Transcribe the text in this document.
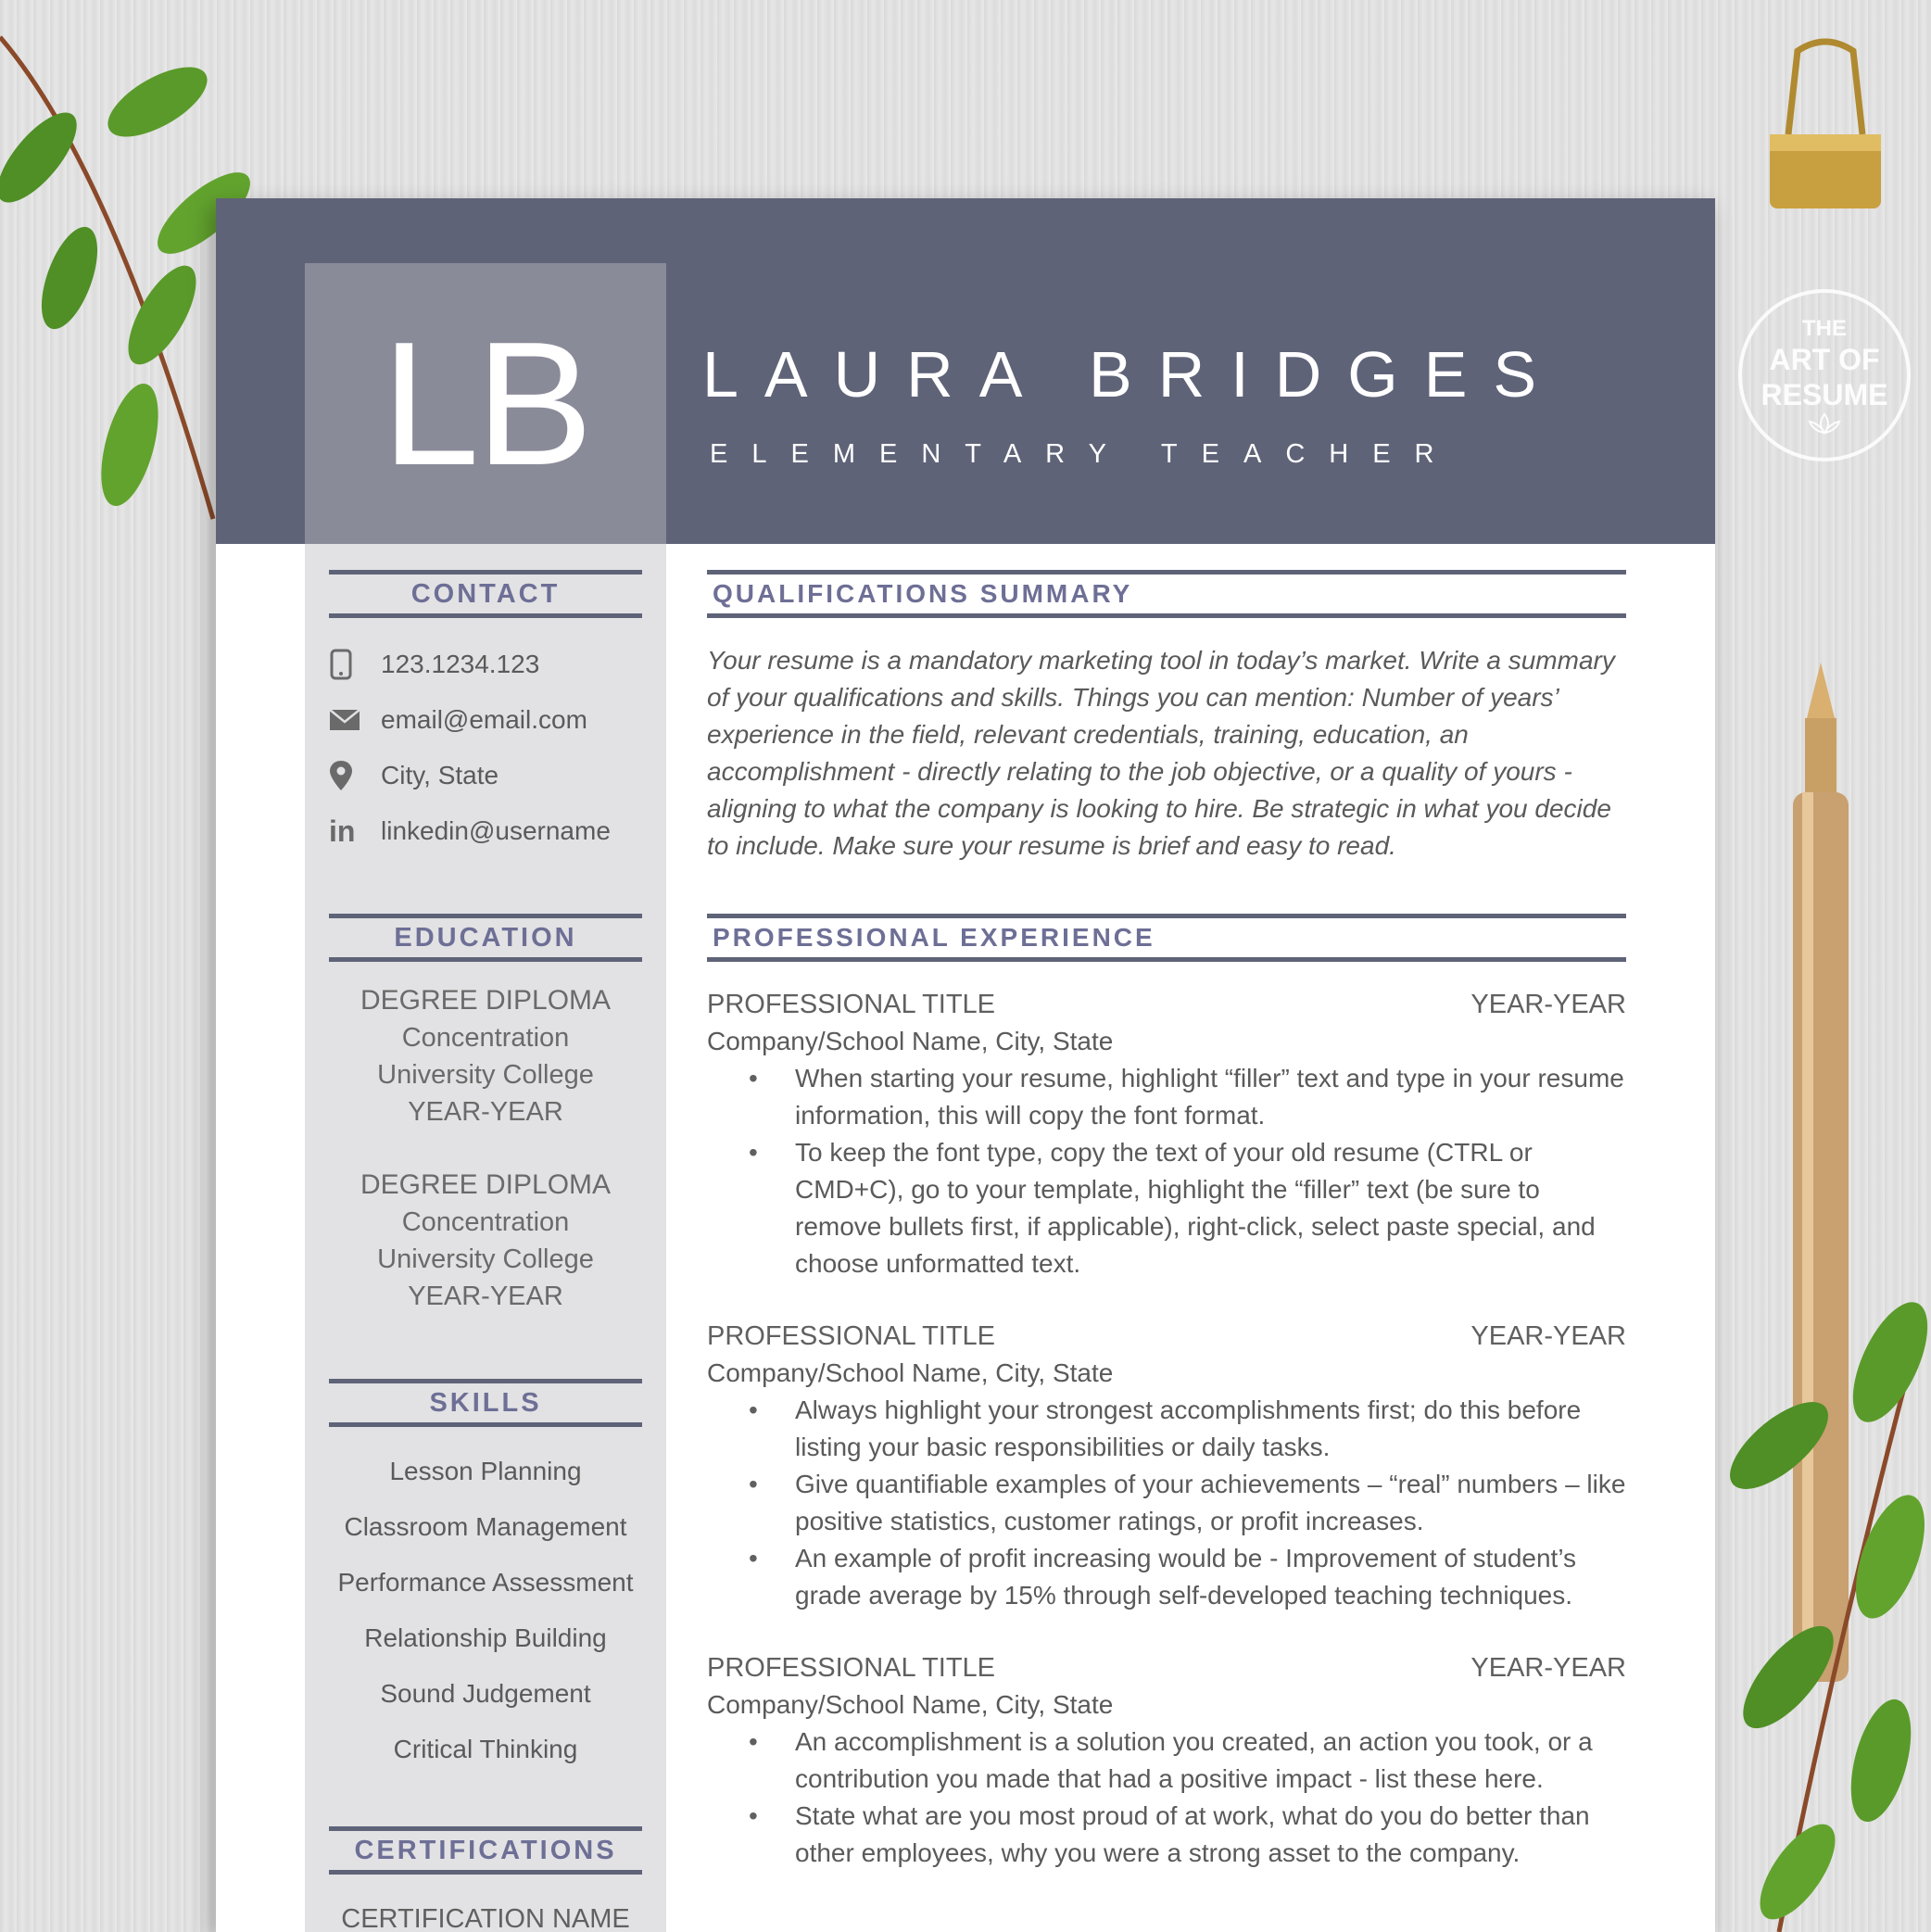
THE
ART OF
RESUME
LB LAURA BRIDGES
ELEMENTARY TEACHER
CONTACT
123.1234.123
email@email.com
City, State
in linkedin@username
EDUCATION
DEGREE DIPLOMA
Concentration
University College
YEAR-YEAR
DEGREE DIPLOMA
Concentration
University College
YEAR-YEAR
SKILLS
Lesson Planning
Classroom Management
Performance Assessment
Relationship Building
Sound Judgement
Critical Thinking
CERTIFICATIONS
CERTIFICATION NAME
QUALIFICATIONS SUMMARY
Your resume is a mandatory marketing tool in today’s market. Write a summary of your qualifications and skills. Things you can mention: Number of years’ experience in the field, relevant credentials, training, education, an accomplishment - directly relating to the job objective, or a quality of yours - aligning to what the company is looking to hire. Be strategic in what you decide to include. Make sure your resume is brief and easy to read.
PROFESSIONAL EXPERIENCE
PROFESSIONAL TITLE	YEAR-YEAR
Company/School Name, City, State
• When starting your resume, highlight “filler” text and type in your resume information, this will copy the font format.
• To keep the font type, copy the text of your old resume (CTRL or CMD+C), go to your template, highlight the “filler” text (be sure to remove bullets first, if applicable), right-click, select paste special, and choose unformatted text.
PROFESSIONAL TITLE	YEAR-YEAR
Company/School Name, City, State
• Always highlight your strongest accomplishments first; do this before listing your basic responsibilities or daily tasks.
• Give quantifiable examples of your achievements – “real” numbers – like positive statistics, customer ratings, or profit increases.
• An example of profit increasing would be - Improvement of student’s grade average by 15% through self-developed teaching techniques.
PROFESSIONAL TITLE	YEAR-YEAR
Company/School Name, City, State
• An accomplishment is a solution you created, an action you took, or a contribution you made that had a positive impact - list these here.
• State what are you most proud of at work, what do you do better than other employees, why you were a strong asset to the company.
